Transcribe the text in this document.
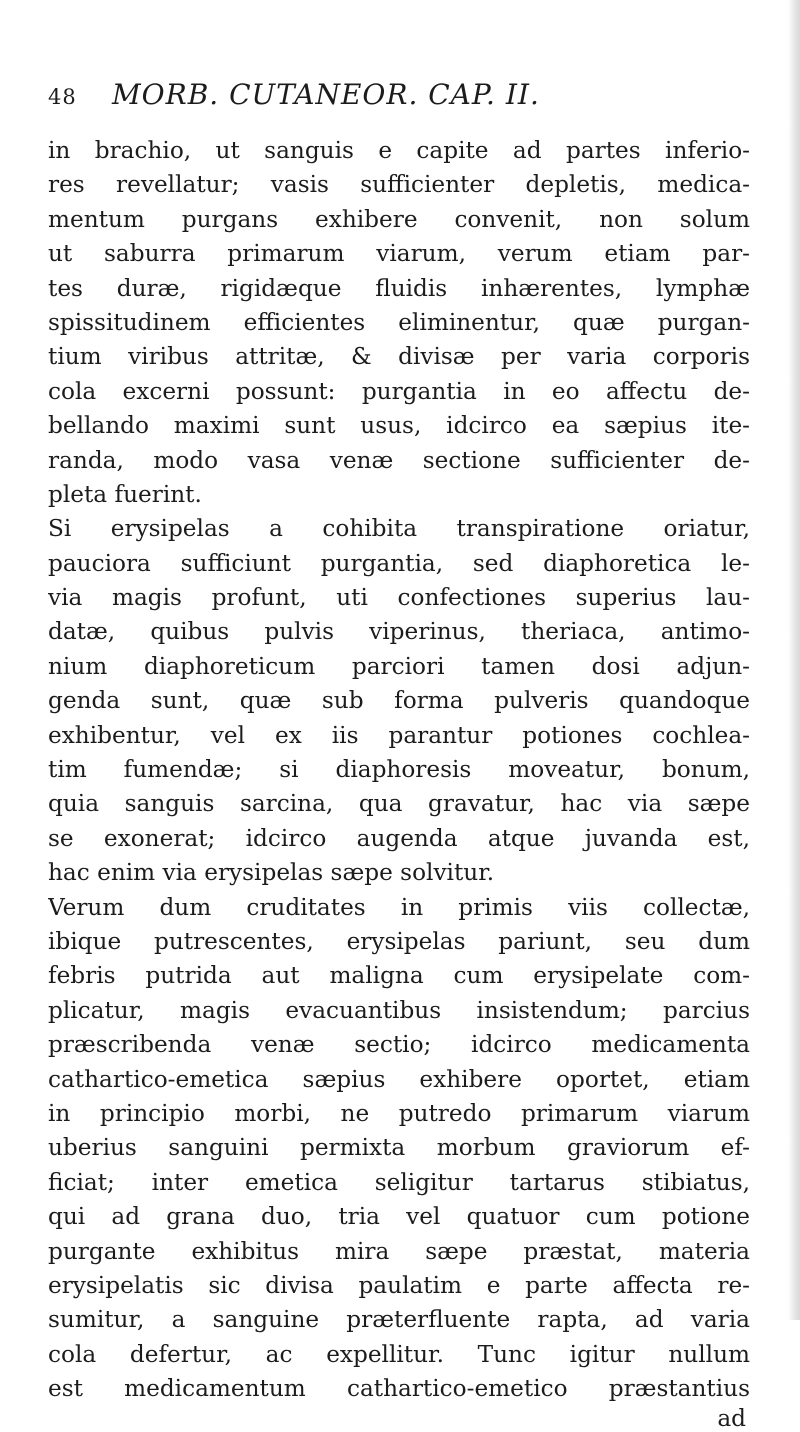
48	MORB. CUTANEOR. CAP. II.
in brachio, ut sanguis e capite ad partes inferio-
res revellatur; vasis sufficienter depletis, medica-
mentum purgans exhibere convenit, non solum
ut saburra primarum viarum, verum etiam par-
tes duræ, rigidæque fluidis inhærentes, lymphæ
spissitudinem efficientes eliminentur, quæ purgan-
tium viribus attritæ, & divisæ per varia corporis
cola excerni possunt: purgantia in eo affectu de-
bellando maximi sunt usus, idcirco ea sæpius ite-
randa, modo vasa venæ sectione sufficienter de-
pleta fuerint.
Si erysipelas a cohibita transpiratione oriatur,
pauciora sufficiunt purgantia, sed diaphoretica le-
via magis profunt, uti confectiones superius lau-
datæ, quibus pulvis viperinus, theriaca, antimo-
nium diaphoreticum parciori tamen dosi adjun-
genda sunt, quæ sub forma pulveris quandoque
exhibentur, vel ex iis parantur potiones cochlea-
tim fumendæ; si diaphoresis moveatur, bonum,
quia sanguis sarcina, qua gravatur, hac via sæpe
se exonerat; idcirco augenda atque juvanda est,
hac enim via erysipelas sæpe solvitur.
Verum dum cruditates in primis viis collectæ,
ibique putrescentes, erysipelas pariunt, seu dum
febris putrida aut maligna cum erysipelate com-
plicatur, magis evacuantibus insistendum; parcius
præscribenda venæ sectio; idcirco medicamenta
cathartico-emetica sæpius exhibere oportet, etiam
in principio morbi, ne putredo primarum viarum
uberius sanguini permixta morbum graviorum ef-
ficiat; inter emetica seligitur tartarus stibiatus,
qui ad grana duo, tria vel quatuor cum potione
purgante exhibitus mira sæpe præstat, materia
erysipelatis sic divisa paulatim e parte affecta re-
sumitur, a sanguine præterfluente rapta, ad varia
cola defertur, ac expellitur. Tunc igitur nullum
est medicamentum cathartico-emetico præstantius
ad
